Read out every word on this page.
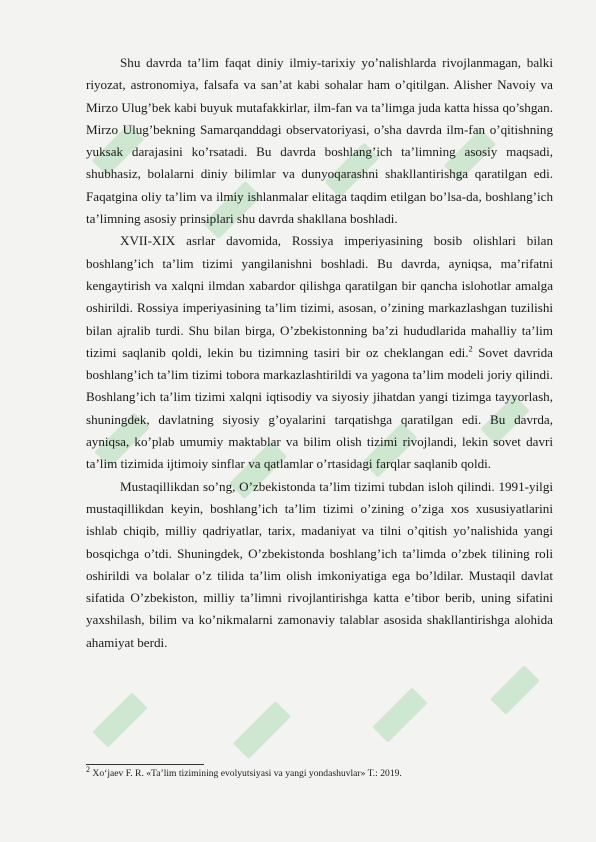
Shu davrda ta’lim faqat diniy ilmiy-tarixiy yo’nalishlarda rivojlanmagan, balki riyozat, astronomiya, falsafa va san’at kabi sohalar ham o’qitilgan. Alisher Navoiy va Mirzo Ulug’bek kabi buyuk mutafakkirlar, ilm-fan va ta’limga juda katta hissa qo’shgan. Mirzo Ulug’bekning Samarqanddagi observatoriyasi, o’sha davrda ilm-fan o’qitishning yuksak darajasini ko’rsatadi. Bu davrda boshlang’ich ta’limning asosiy maqsadi, shubhasiz, bolalarni diniy bilimlar va dunyoqarashni shakllantirishga qaratilgan edi. Faqatgina oliy ta’lim va ilmiy ishlanmalar elitaga taqdim etilgan bo’lsa-da, boshlang’ich ta’limning asosiy prinsiplari shu davrda shakllana boshladi.

XVII-XIX asrlar davomida, Rossiya imperiyasining bosib olishlari bilan boshlang’ich ta’lim tizimi yangilanishni boshladi. Bu davrda, ayniqsa, ma’rifatni kengaytirish va xalqni ilmdan xabardor qilishga qaratilgan bir qancha islohotlar amalga oshirildi. Rossiya imperiyasining ta’lim tizimi, asosan, o’zining markazlashgan tuzilishi bilan ajralib turdi. Shu bilan birga, O’zbekistonning ba’zi hududlarida mahalliy ta’lim tizimi saqlanib qoldi, lekin bu tizimning tasiri bir oz cheklangan edi.$^2$ Sovet davrida boshlang’ich ta’lim tizimi tobora markazlashtirildi va yagona ta’lim modeli joriy qilindi. Boshlang’ich ta’lim tizimi xalqni iqtisodiy va siyosiy jihatdan yangi tizimga tayyorlash, shuningdek, davlatning siyosiy g’oyalarini tarqatishga qaratilgan edi. Bu davrda, ayniqsa, ko’plab umumiy maktablar va bilim olish tizimi rivojlandi, lekin sovet davri ta’lim tizimida ijtimoiy sinflar va qatlamlar o’rtasidagi farqlar saqlanib qoldi.

Mustaqillikdan so’ng, O’zbekistonda ta’lim tizimi tubdan isloh qilindi. 1991-yilgi mustaqillikdan keyin, boshlang’ich ta’lim tizimi o’zining o’ziga xos xususiyatlarini ishlab chiqib, milliy qadriyatlar, tarix, madaniyat va tilni o’qitish yo’nalishida yangi bosqichga o’tdi. Shuningdek, O’zbekistonda boshlang’ich ta’limda o’zbek tilining roli oshirildi va bolalar o’z tilida ta’lim olish imkoniyatiga ega bo’ldilar. Mustaqil davlat sifatida O’zbekiston, milliy ta’limni rivojlantirishga katta e’tibor berib, uning sifatini yaxshilash, bilim va ko’nikmalarni zamonaviy talablar asosida shakllantirishga alohida ahamiyat berdi.

$^2$ Xo‘jaev F. R. «Ta’lim tizimining evolyutsiyasi va yangi yondashuvlar» T.: 2019.
